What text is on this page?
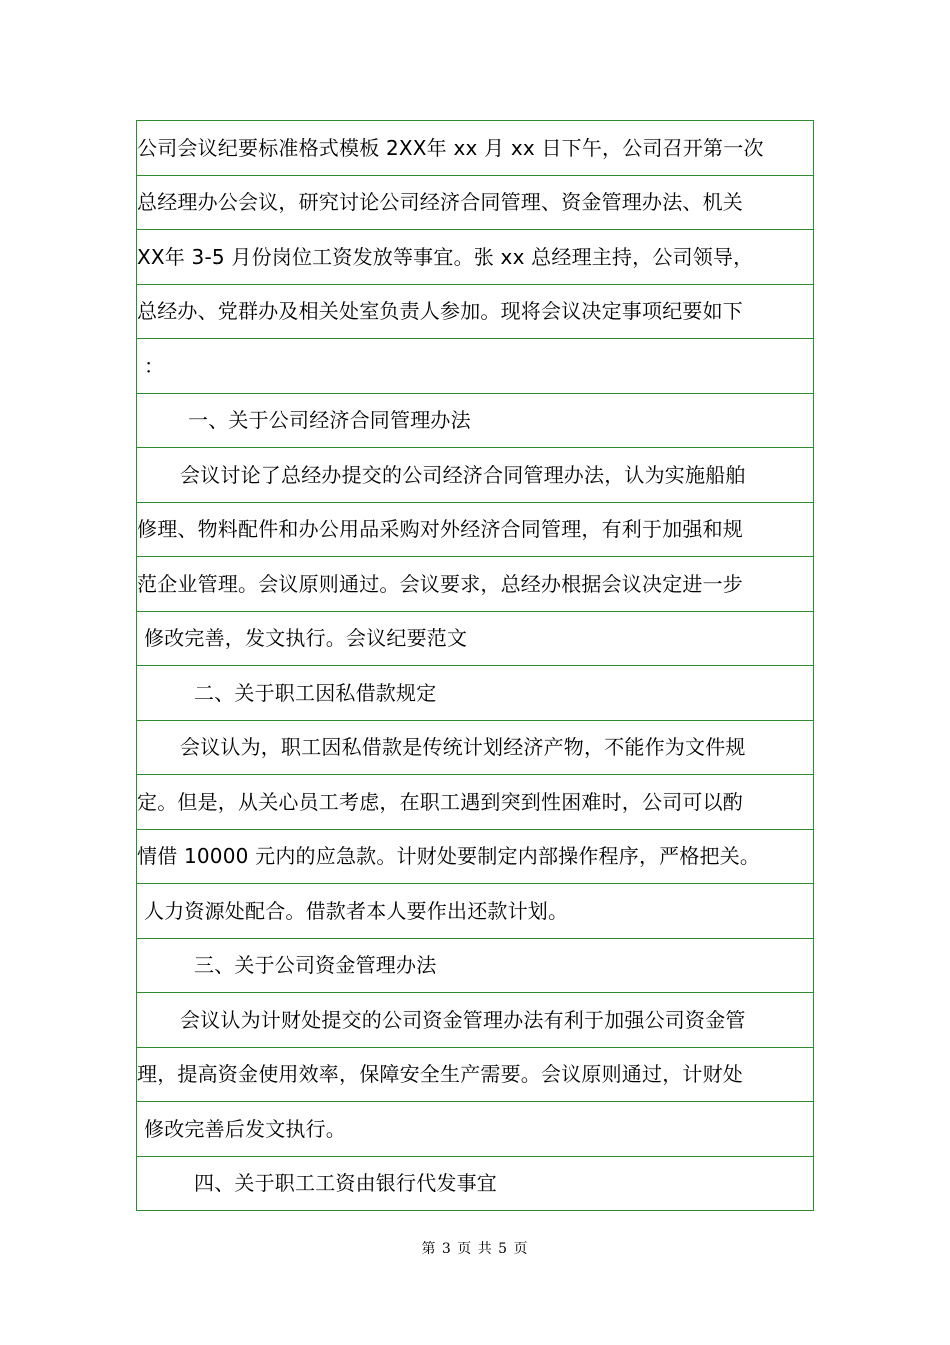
公司会议纪要标准格式模板 2XX年 xx 月 xx 日下午，公司召开第一次
总经理办公会议，研究讨论公司经济合同管理、资金管理办法、机关
XX年 3-5 月份岗位工资发放等事宜。张 xx 总经理主持，公司领导，
总经办、党群办及相关处室负责人参加。现将会议决定事项纪要如下
：
一、关于公司经济合同管理办法
会议讨论了总经办提交的公司经济合同管理办法，认为实施船舶
修理、物料配件和办公用品采购对外经济合同管理，有利于加强和规
范企业管理。会议原则通过。会议要求，总经办根据会议决定进一步
修改完善，发文执行。会议纪要范文
二、关于职工因私借款规定
会议认为，职工因私借款是传统计划经济产物，不能作为文件规
定。但是，从关心员工考虑，在职工遇到突到性困难时，公司可以酌
情借 10000 元内的应急款。计财处要制定内部操作程序，严格把关。
人力资源处配合。借款者本人要作出还款计划。
三、关于公司资金管理办法
会议认为计财处提交的公司资金管理办法有利于加强公司资金管
理，提高资金使用效率，保障安全生产需要。会议原则通过，计财处
修改完善后发文执行。
四、关于职工工资由银行代发事宜
第 3 页 共 5 页
